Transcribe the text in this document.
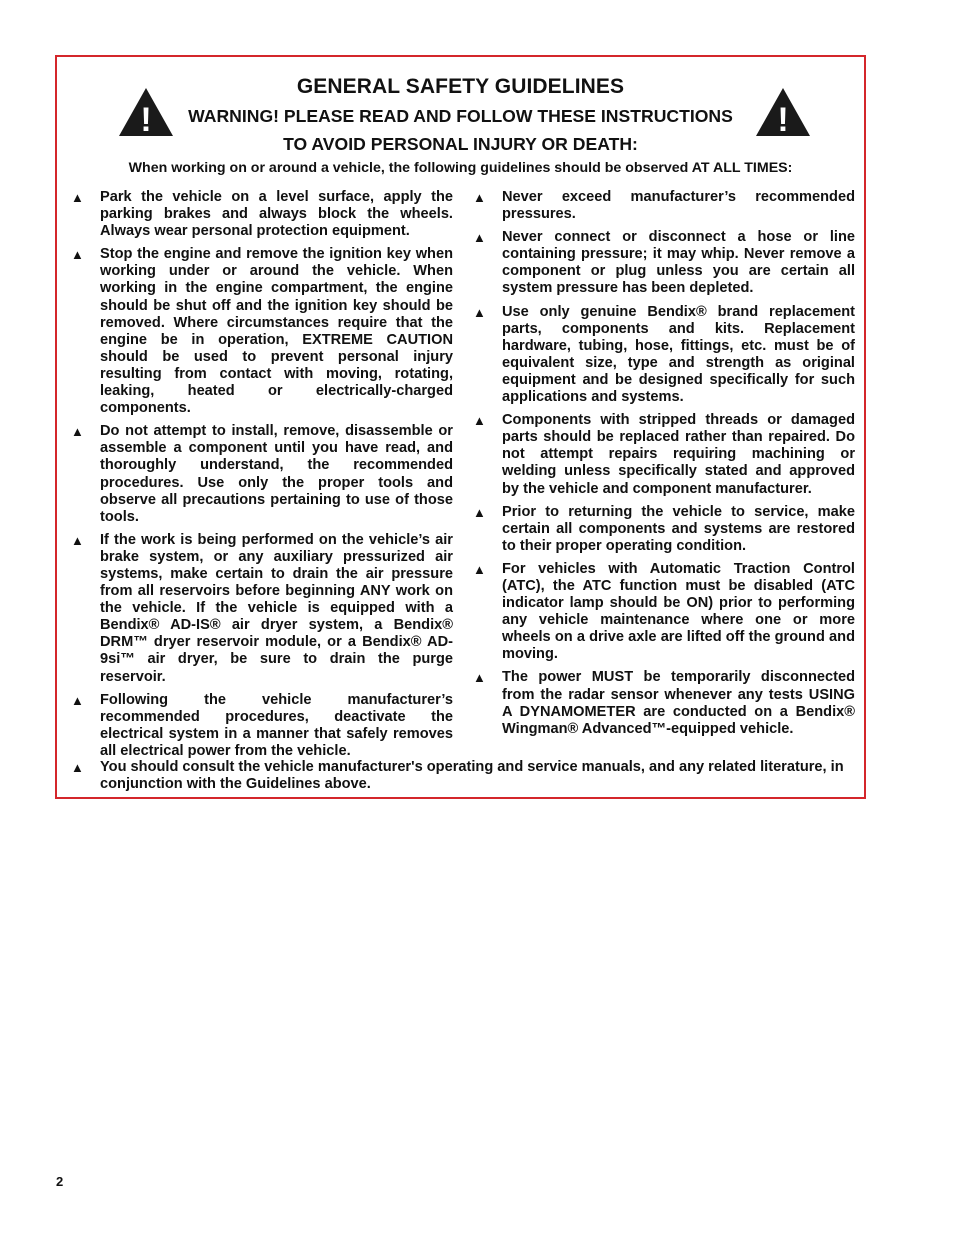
!	!
GENERAL SAFETY GUIDELINES
WARNING! PLEASE READ AND FOLLOW THESE INSTRUCTIONS
TO AVOID PERSONAL INJURY OR DEATH:
When working on or around a vehicle, the following guidelines should be observed AT ALL TIMES:
▲	Park the vehicle on a level surface, apply the parking brakes and always block the wheels. Always wear personal protection equipment.
▲	Stop the engine and remove the ignition key when working under or around the vehicle. When working in the engine compartment, the engine should be shut off and the ignition key should be removed. Where circumstances require that the engine be in operation, EXTREME CAUTION should be used to prevent personal injury resulting from contact with moving, rotating, leaking, heated or electrically-charged components.
▲	Do not attempt to install, remove, disassemble or assemble a component until you have read, and thoroughly understand, the recommended procedures. Use only the proper tools and observe all precautions pertaining to use of those tools.
▲	If the work is being performed on the vehicle’s air brake system, or any auxiliary pressurized air systems, make certain to drain the air pressure from all reservoirs before beginning ANY work on the vehicle. If the vehicle is equipped with a Bendix® AD-IS® air dryer system, a Bendix® DRM™ dryer reservoir module, or a Bendix® AD-9si™ air dryer, be sure to drain the purge reservoir.
▲	Following the vehicle manufacturer’s recommended procedures, deactivate the electrical system in a manner that safely removes all electrical power from the vehicle.
▲	Never exceed manufacturer’s recommended pressures.
▲	Never connect or disconnect a hose or line containing pressure; it may whip. Never remove a component or plug unless you are certain all system pressure has been depleted.
▲	Use only genuine Bendix® brand replacement parts, components and kits. Replacement hardware, tubing, hose, fittings, etc. must be of equivalent size, type and strength as original equipment and be designed specifically for such applications and systems.
▲	Components with stripped threads or damaged parts should be replaced rather than repaired. Do not attempt repairs requiring machining or welding unless specifically stated and approved by the vehicle and component manufacturer.
▲	Prior to returning the vehicle to service, make certain all components and systems are restored to their proper operating condition.
▲	For vehicles with Automatic Traction Control (ATC), the ATC function must be disabled (ATC indicator lamp should be ON) prior to performing any vehicle maintenance where one or more wheels on a drive axle are lifted off the ground and moving.
▲	The power MUST be temporarily disconnected from the radar sensor whenever any tests USING A DYNAMOMETER are conducted on a Bendix® Wingman® Advanced™-equipped vehicle.
▲	You should consult the vehicle manufacturer's operating and service manuals, and any related literature, in conjunction with the Guidelines above.
2
